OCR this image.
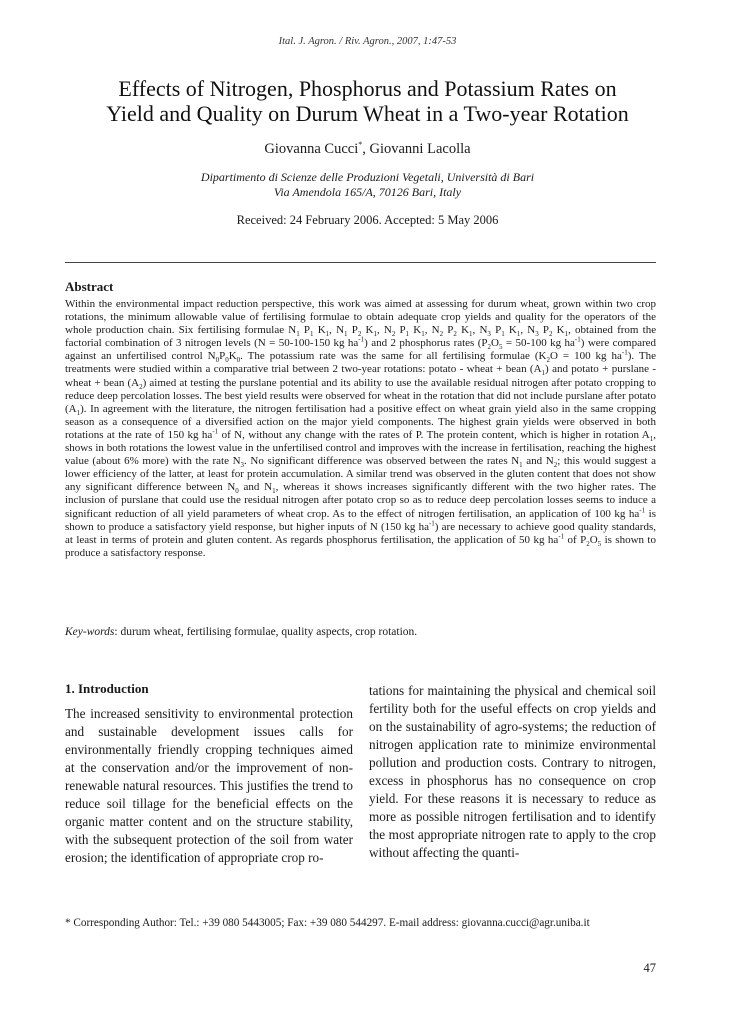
Ital. J. Agron. / Riv. Agron., 2007, 1:47-53
Effects of Nitrogen, Phosphorus and Potassium Rates on
Yield and Quality on Durum Wheat in a Two-year Rotation
Giovanna Cucci*, Giovanni Lacolla
Dipartimento di Scienze delle Produzioni Vegetali, Università di Bari
Via Amendola 165/A, 70126 Bari, Italy
Received: 24 February 2006. Accepted: 5 May 2006
Abstract

Within the environmental impact reduction perspective, this work was aimed at assessing for durum wheat, grown within two crop rotations, the minimum allowable value of fertilising formulae to obtain adequate crop yields and quality for the operators of the whole production chain. Six fertilising formulae $N_1$ $P_1$ $K_1$, $N_1$ $P_2$ $K_1$, $N_2$ $P_1$ $K_1$, $N_2$ $P_2$ $K_1$, $N_3$ $P_1$ $K_1$, $N_3$ $P_2$ $K_1$, obtained from the factorial combination of 3 nitrogen levels (N = 50-100-150 kg $ha^{-1}$) and 2 phosphorus rates ($P_2O_5 = 50-100$ kg $ha^{-1}$) were compared against an unfertilised control $N_0P_0K_0$. The potassium rate was the same for all fertilising formulae ($K_2O = 100$ kg $ha^{-1}$). The treatments were studied within a comparative trial between 2 two-year rotations: potato - wheat + bean $(A_1)$ and potato + purslane - wheat + bean $(A_2)$ aimed at testing the purslane potential and its ability to use the available residual nitrogen after potato cropping to reduce deep percolation losses. The best yield results were observed for wheat in the rotation that did not include purslane after potato $(A_1)$. In agreement with the literature, the nitrogen fertilisation had a positive effect on wheat grain yield also in the same cropping season as a consequence of a diversified action on the major yield components. The highest grain yields were observed in both rotations at the rate of 150 kg $ha^{-1}$ of N, without any change with the rates of P. The protein content, which is higher in rotation $A_1$, shows in both rotations the lowest value in the unfertilised control and improves with the increase in fertilisation, reaching the highest value (about 6% more) with the rate $N_3$. No significant difference was observed between the rates $N_1$ and $N_2$; this would suggest a lower efficiency of the latter, at least for protein accumulation. A similar trend was observed in the gluten content that does not show any significant difference between $N_0$ and $N_1$, whereas it shows increases significantly different with the two higher rates. The inclusion of purslane that could use the residual nitrogen after potato crop so as to reduce deep percolation losses seems to induce a significant reduction of all yield parameters of wheat crop. As to the effect of nitrogen fertilisation, an application of 100 kg $ha^{-1}$ is shown to produce a satisfactory yield response, but higher inputs of N (150 kg $ha^{-1}$) are necessary to achieve good quality standards, at least in terms of protein and gluten content. As regards phosphorus fertilisation, the application of 50 kg $ha^{-1}$ of $P_2O_5$ is shown to produce a satisfactory response.

Key-words: durum wheat, fertilising formulae, quality aspects, crop rotation.
1. Introduction

The increased sensitivity to environmental protection and sustainable development issues calls for environmentally friendly cropping techniques aimed at the conservation and/or the improvement of non-renewable natural resources. This justifies the trend to reduce soil tillage for the beneficial effects on the organic matter content and on the structure stability, with the subsequent protection of the soil from water erosion; the identification of appropriate crop ro-

tations for maintaining the physical and chemical soil fertility both for the useful effects on crop yields and on the sustainability of agro-systems; the reduction of nitrogen application rate to minimize environmental pollution and production costs. Contrary to nitrogen, excess in phosphorus has no consequence on crop yield. For these reasons it is necessary to reduce as more as possible nitrogen fertilisation and to identify the most appropriate nitrogen rate to apply to the crop without affecting the quanti-

* Corresponding Author: Tel.: +39 080 5443005; Fax: +39 080 544297. E-mail address: giovanna.cucci@agr.uniba.it
47
